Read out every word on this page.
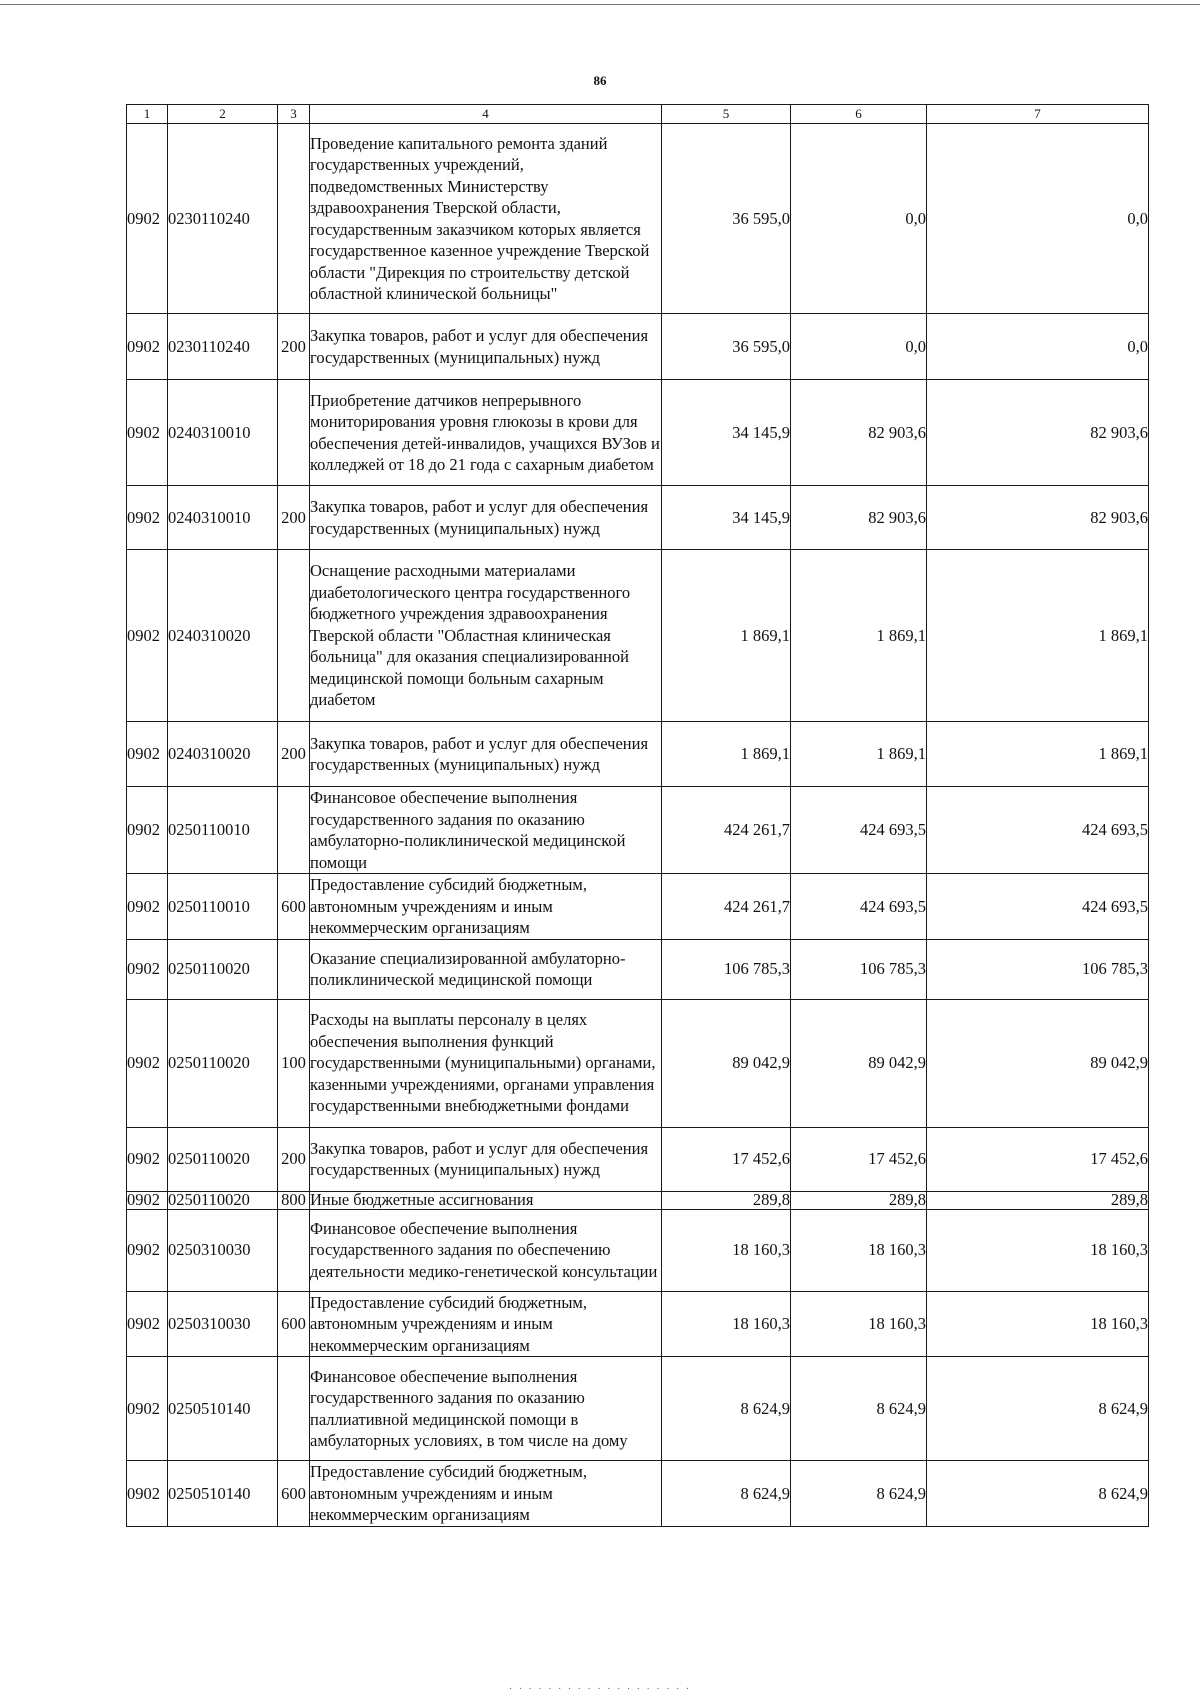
86
1	2	3	4	5	6	7
0902	0230110240		Проведение капитального ремонта зданий государственных учреждений, подведомственных Министерству здравоохранения Тверской области, государственным заказчиком которых является государственное казенное учреждение Тверской области "Дирекция по строительству детской областной клинической больницы"	36 595,0	0,0	0,0
0902	0230110240	200	Закупка товаров, работ и услуг для обеспечения государственных (муниципальных) нужд	36 595,0	0,0	0,0
0902	0240310010		Приобретение датчиков непрерывного мониторирования уровня глюкозы в крови для обеспечения детей-инвалидов, учащихся ВУЗов и колледжей от 18 до 21 года с сахарным диабетом	34 145,9	82 903,6	82 903,6
0902	0240310010	200	Закупка товаров, работ и услуг для обеспечения государственных (муниципальных) нужд	34 145,9	82 903,6	82 903,6
0902	0240310020		Оснащение расходными материалами диабетологического центра государственного бюджетного учреждения здравоохранения Тверской области "Областная клиническая больница" для оказания специализированной медицинской помощи больным сахарным диабетом	1 869,1	1 869,1	1 869,1
0902	0240310020	200	Закупка товаров, работ и услуг для обеспечения государственных (муниципальных) нужд	1 869,1	1 869,1	1 869,1
0902	0250110010		Финансовое обеспечение выполнения государственного задания по оказанию амбулаторно-поликлинической медицинской помощи	424 261,7	424 693,5	424 693,5
0902	0250110010	600	Предоставление субсидий бюджетным, автономным учреждениям и иным некоммерческим организациям	424 261,7	424 693,5	424 693,5
0902	0250110020		Оказание специализированной амбулаторно-поликлинической медицинской помощи	106 785,3	106 785,3	106 785,3
0902	0250110020	100	Расходы на выплаты персоналу в целях обеспечения выполнения функций государственными (муниципальными) органами, казенными учреждениями, органами управления государственными внебюджетными фондами	89 042,9	89 042,9	89 042,9
0902	0250110020	200	Закупка товаров, работ и услуг для обеспечения государственных (муниципальных) нужд	17 452,6	17 452,6	17 452,6
0902	0250110020	800	Иные бюджетные ассигнования	289,8	289,8	289,8
0902	0250310030		Финансовое обеспечение выполнения государственного задания по обеспечению деятельности медико-генетической консультации	18 160,3	18 160,3	18 160,3
0902	0250310030	600	Предоставление субсидий бюджетным, автономным учреждениям и иным некоммерческим организациям	18 160,3	18 160,3	18 160,3
0902	0250510140		Финансовое обеспечение выполнения государственного задания по оказанию паллиативной медицинской помощи в амбулаторных условиях, в том числе на дому	8 624,9	8 624,9	8 624,9
0902	0250510140	600	Предоставление субсидий бюджетным, автономным учреждениям и иным некоммерческим организациям	8 624,9	8 624,9	8 624,9
· · · · · · · · · · · · · · · · · · ·
